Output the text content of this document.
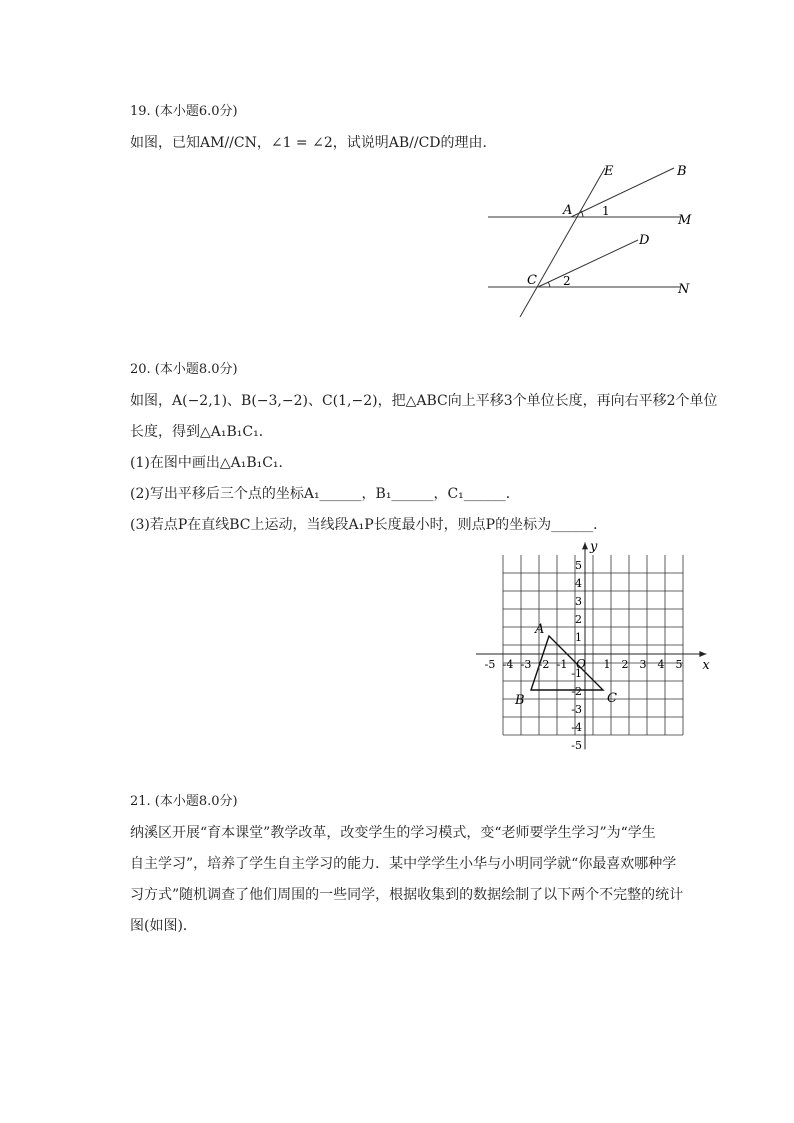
19. (本小题6.0分)
如图，已知AM//CN，∠1 = ∠2，试说明AB//CD的理由．
E	B
A 1
M
D
C 2
N
20. (本小题8.0分)
如图，A(−2,1)、B(−3,−2)、C(1,−2)，把△ABC向上平移3个单位长度，再向右平移2个单位
长度，得到△A₁B₁C₁．
(1)在图中画出△A₁B₁C₁．
(2)写出平移后三个点的坐标A₁______，B₁______，C₁______．
(3)若点P在直线BC上运动，当线段A₁P长度最小时，则点P的坐标为______．
x
y
O
-5 -4 -3 -2 -1	1 2 3 4 5
5
4
3
2
1
-1
-2
-3
-4
-5
A
B	C
21. (本小题8.0分)
纳溪区开展“育本课堂”教学改革，改变学生的学习模式，变“老师要学生学习”为“学生
自主学习”，培养了学生自主学习的能力．某中学学生小华与小明同学就“你最喜欢哪种学
习方式”随机调查了他们周围的一些同学，根据收集到的数据绘制了以下两个不完整的统计
图(如图)．
